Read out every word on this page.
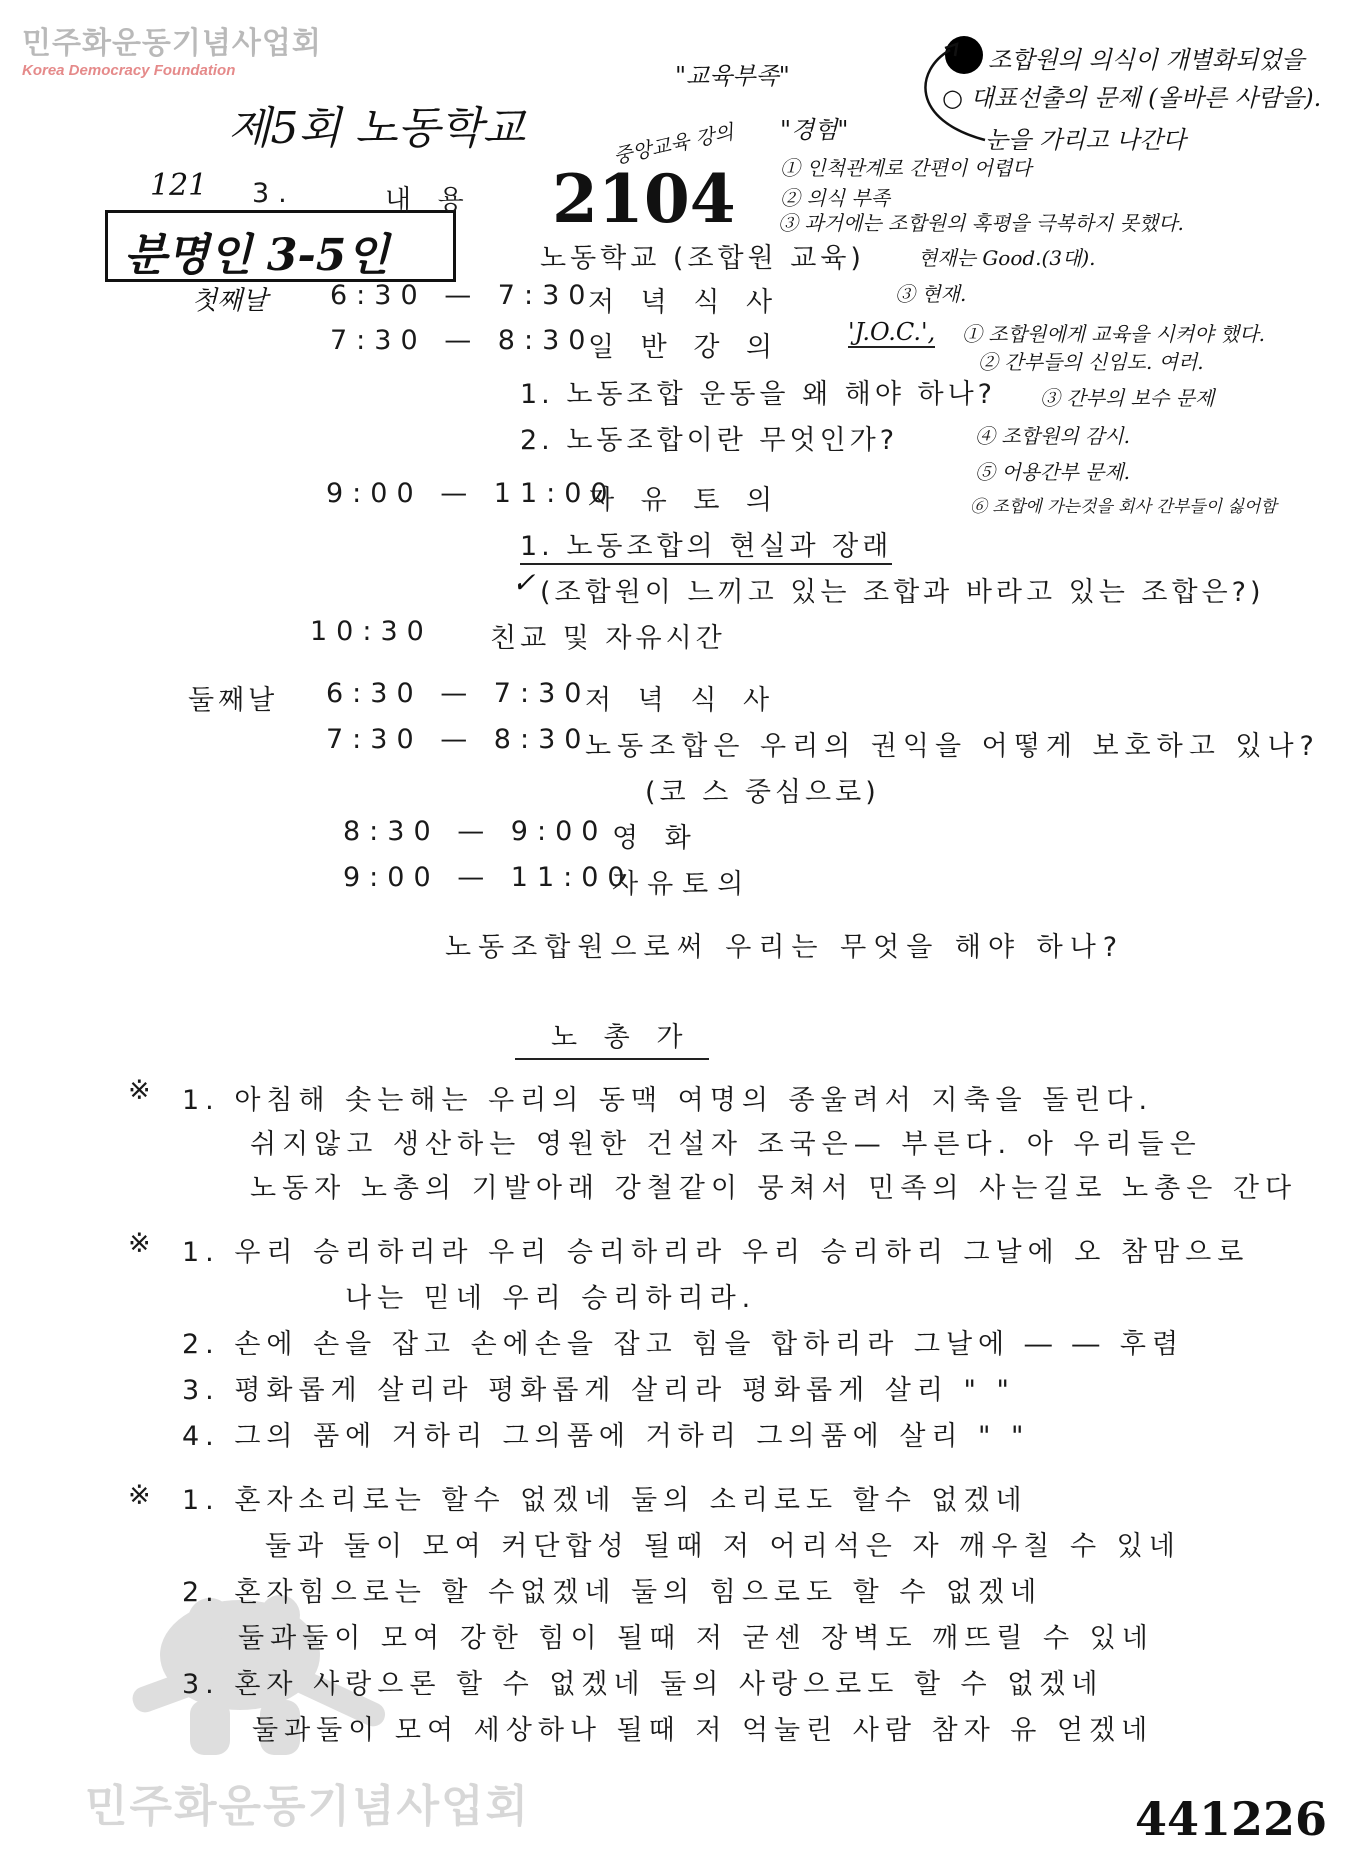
민주화운동기념사업회
Korea Democracy Foundation
민주화운동기념사업회
제5회 노동학교
121
분명인 3-5인
2104
중앙교육 강의
"교육부족"
"경험"
조합원의 의식이 개별화되었을
○ 대표선출의 문제 (올바른 사람을).
눈을 가리고 나간다
① 인척관계로 간편이 어렵다
② 의식 부족
③ 과거에는 조합원의 혹평을 극복하지 못했다.
현재는 Good.(3대).
③ 현재.
'J.O.C.', ① 조합원에게 교육을 시켜야 했다.
② 간부들의 신임도. 여러.
③ 간부의 보수 문제
④ 조합원의 감시.
⑤ 어용간부 문제.
⑥ 조합에 가는것을 회사 간부들이 싫어함
3.	내 용
노동학교 (조합원 교육)
첫째날 6:30 — 7:30
저 녁 식 사
7:30 — 8:30
일 반 강 의
1. 노동조합 운동을 왜 해야 하나?
2. 노동조합이란 무엇인가?
9:00 — 11:00
자 유 토 의
1. 노동조합의 현실과 장래
✓ (조합원이 느끼고 있는 조합과 바라고 있는 조합은?)
10:30 친교 및 자유시간
둘째날 6:30 — 7:30
저 녁 식 사
7:30 — 8:30
노동조합은 우리의 권익을 어떻게 보호하고 있나?
(코 스 중심으로)
8:30 — 9:00 영 화
9:00 — 11:00
자유토의
노동조합원으로써 우리는 무엇을 해야 하나?
노 총 가
※ 1. 아침해 솟는해는 우리의 동맥 여명의 종울려서 지축을 돌린다.
쉬지않고 생산하는 영원한 건설자 조국은— 부른다. 아 우리들은
노동자 노총의 기발아래 강철같이 뭉쳐서 민족의 사는길로 노총은 간다
※ 1. 우리 승리하리라 우리 승리하리라 우리 승리하리 그날에 오 참맘으로
나는 믿네 우리 승리하리라.
2. 손에 손을 잡고 손에손을 잡고 힘을 합하리라 그날에 ― ― 후렴
3. 평화롭게 살리라 평화롭게 살리라 평화롭게 살리 " "
4. 그의 품에 거하리 그의품에 거하리 그의품에 살리 " "
※ 1. 혼자소리로는 할수 없겠네 둘의 소리로도 할수 없겠네
둘과 둘이 모여 커단합성 될때 저 어리석은 자 깨우칠 수 있네
2. 혼자힘으로는 할 수없겠네 둘의 힘으로도 할 수 없겠네
둘과둘이 모여 강한 힘이 될때 저 굳센 장벽도 깨뜨릴 수 있네
3. 혼자 사랑으론 할 수 없겠네 둘의 사랑으로도 할 수 없겠네
둘과둘이 모여 세상하나 될때 저 억눌린 사람 참자 유 얻겠네
441226
